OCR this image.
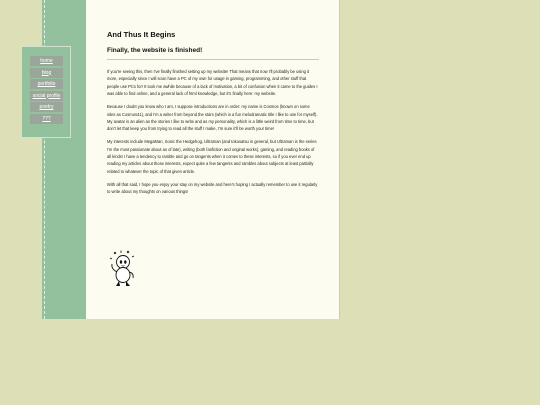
home
blog
portfolio
social profile
poetry
???
And Thus It Begins
Finally, the website is finished!

If you're seeing this, then I've finally finished setting up my website! That means that now I'll probably be using it more, especially since I will soon have a PC of my own for usage in gaming, programming, and other stuff that people use PCs for! It took me awhile because of a lack of motivation, a bit of confusion when it came to the guides I was able to find online, and a general lack of html knowledge, but it's finally here: my website.

Because I doubt you know who I am, I suppose introductions are in order: my name is Cosmos (known on some sites as Cosmos41), and I'm a writer from beyond the stars (which is a fun melodramatic title I like to use for myself). My avatar is an alien as the stories I like to write and as my personality, which is a little weird from time to time, but don't let that keep you from trying to read all the stuff I make, I'm sure it'll be worth your time!

My interests include MegaMan, Sonic the Hedgehog, Ultraman (and tokusatsu in general, but Ultraman is the series I'm the most passionate about as of late), writing (both fanfiction and original works), gaming, and reading books of all kinds! I have a tendency to ramble and go on tangents when it comes to these interests, so if you ever end up reading my articles about those interests, expect quite a few tangents and rambles about subjects at least partially related to whatever the topic of that given article.

With all that said, I hope you enjoy your stay on my website and here's hoping I actually remember to use it regularly to write about my thoughts on various things!
